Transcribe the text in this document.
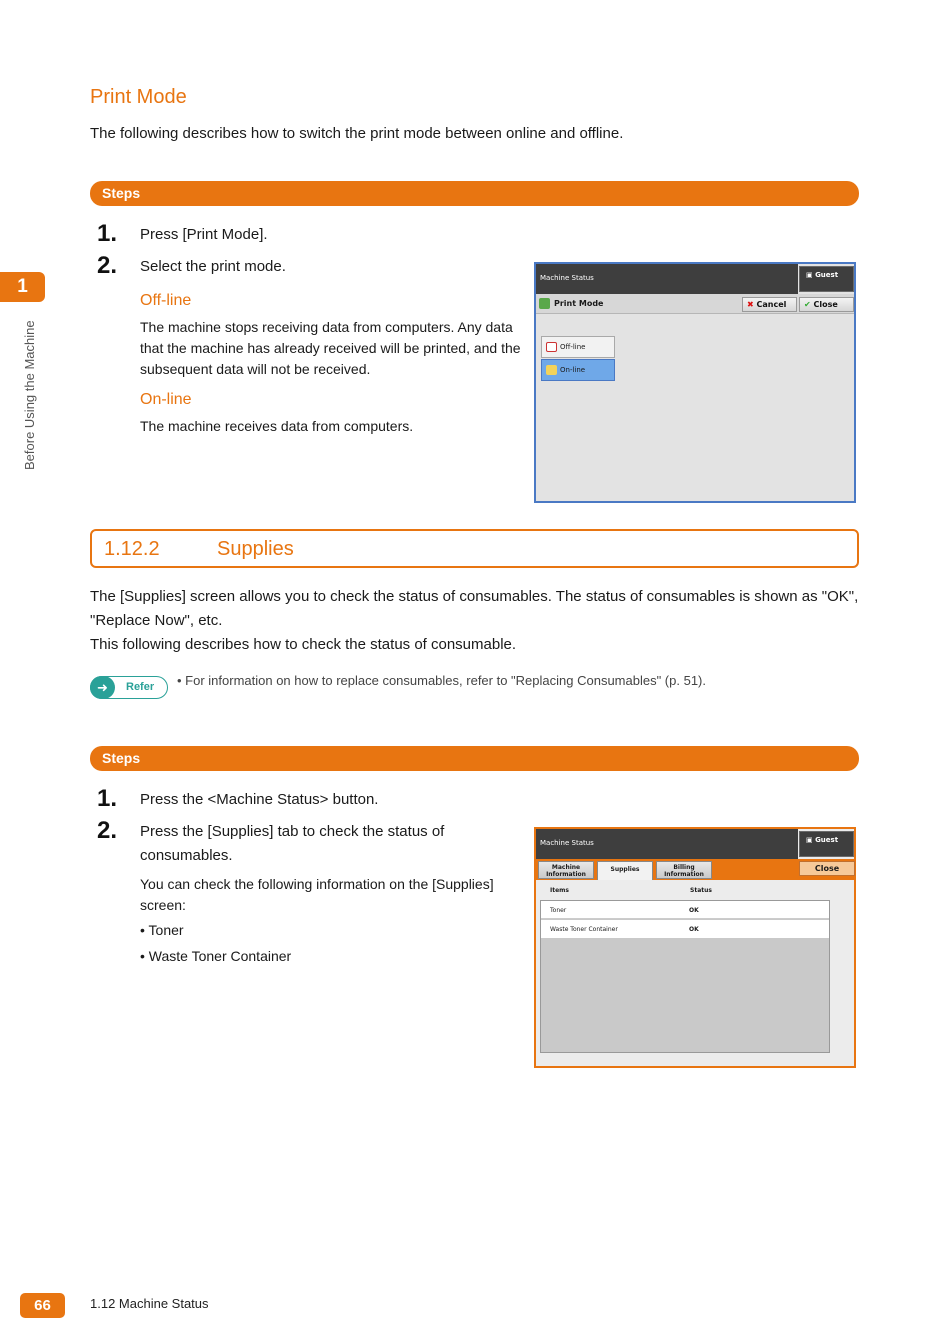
1
Before Using the Machine
Print Mode
The following describes how to switch the print mode between online and offline.
Steps
1. Press [Print Mode].
2. Select the print mode.
Off-line
The machine stops receiving data from computers. Any data that the machine has already received will be printed, and the subsequent data will not be received.
On-line
The machine receives data from computers.
Machine Status	▣ Guest
Print Mode	✖ Cancel	✔ Close
Off-line
On-line
1.12.2	Supplies
The [Supplies] screen allows you to check the status of consumables. The status of consumables is shown as "OK", "Replace Now", etc.
This following describes how to check the status of consumable.
➜	Refer • For information on how to replace consumables, refer to "Replacing Consumables" (p. 51).
Steps
1. Press the <Machine Status> button.
2. Press the [Supplies] tab to check the status of consumables.
You can check the following information on the [Supplies] screen:
• Toner
• Waste Toner Container
Machine Status	▣ Guest
Machine Information
Supplies	Billing Information
Close
Items	Status
Toner	OK
Waste Toner Container	OK
66	1.12 Machine Status
